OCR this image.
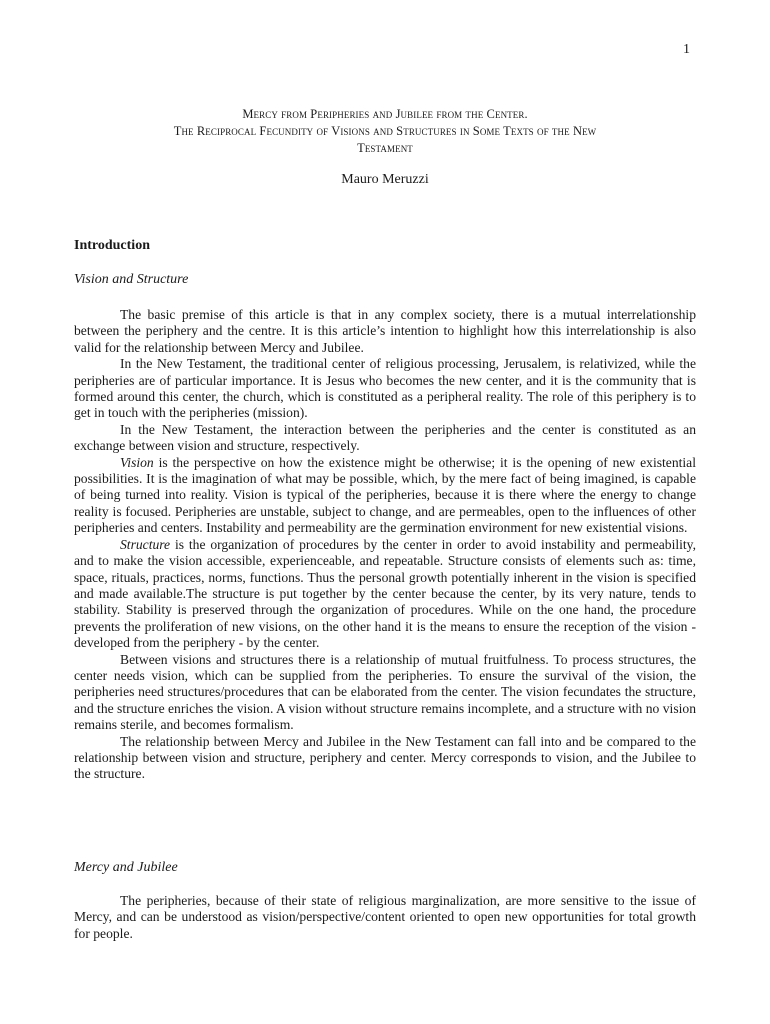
1
Mercy from Peripheries and Jubilee from the Center.
The Reciprocal Fecundity of Visions and Structures in Some Texts of the New
Testament
Mauro Meruzzi
Introduction
Vision and Structure

The basic premise of this article is that in any complex society, there is a mutual interrelationship between the periphery and the centre. It is this article’s intention to highlight how this interrelationship is also valid for the relationship between Mercy and Jubilee.

In the New Testament, the traditional center of religious processing, Jerusalem, is relativized, while the peripheries are of particular importance. It is Jesus who becomes the new center, and it is the community that is formed around this center, the church, which is constituted as a peripheral reality. The role of this periphery is to get in touch with the peripheries (mission).

In the New Testament, the interaction between the peripheries and the center is constituted as an exchange between vision and structure, respectively.

Vision is the perspective on how the existence might be otherwise; it is the opening of new existential possibilities. It is the imagination of what may be possible, which, by the mere fact of being imagined, is capable of being turned into reality. Vision is typical of the peripheries, because it is there where the energy to change reality is focused. Peripheries are unstable, subject to change, and are permeables, open to the influences of other peripheries and centers. Instability and permeability are the germination environment for new existential visions.

Structure is the organization of procedures by the center in order to avoid instability and permeability, and to make the vision accessible, experienceable, and repeatable. Structure consists of elements such as: time, space, rituals, practices, norms, functions. Thus the personal growth potentially inherent in the vision is specified and made available.The structure is put together by the center because the center, by its very nature, tends to stability. Stability is preserved through the organization of procedures. While on the one hand, the procedure prevents the proliferation of new visions, on the other hand it is the means to ensure the reception of the vision - developed from the periphery - by the center.

Between visions and structures there is a relationship of mutual fruitfulness. To process structures, the center needs vision, which can be supplied from the peripheries. To ensure the survival of the vision, the peripheries need structures/procedures that can be elaborated from the center. The vision fecundates the structure, and the structure enriches the vision. A vision without structure remains incomplete, and a structure with no vision remains sterile, and becomes formalism.

The relationship between Mercy and Jubilee in the New Testament can fall into and be compared to the relationship between vision and structure, periphery and center. Mercy corresponds to vision, and the Jubilee to the structure.

Mercy and Jubilee

The peripheries, because of their state of religious marginalization, are more sensitive to the issue of Mercy, and can be understood as vision/perspective/content oriented to open new opportunities for total growth for people.
